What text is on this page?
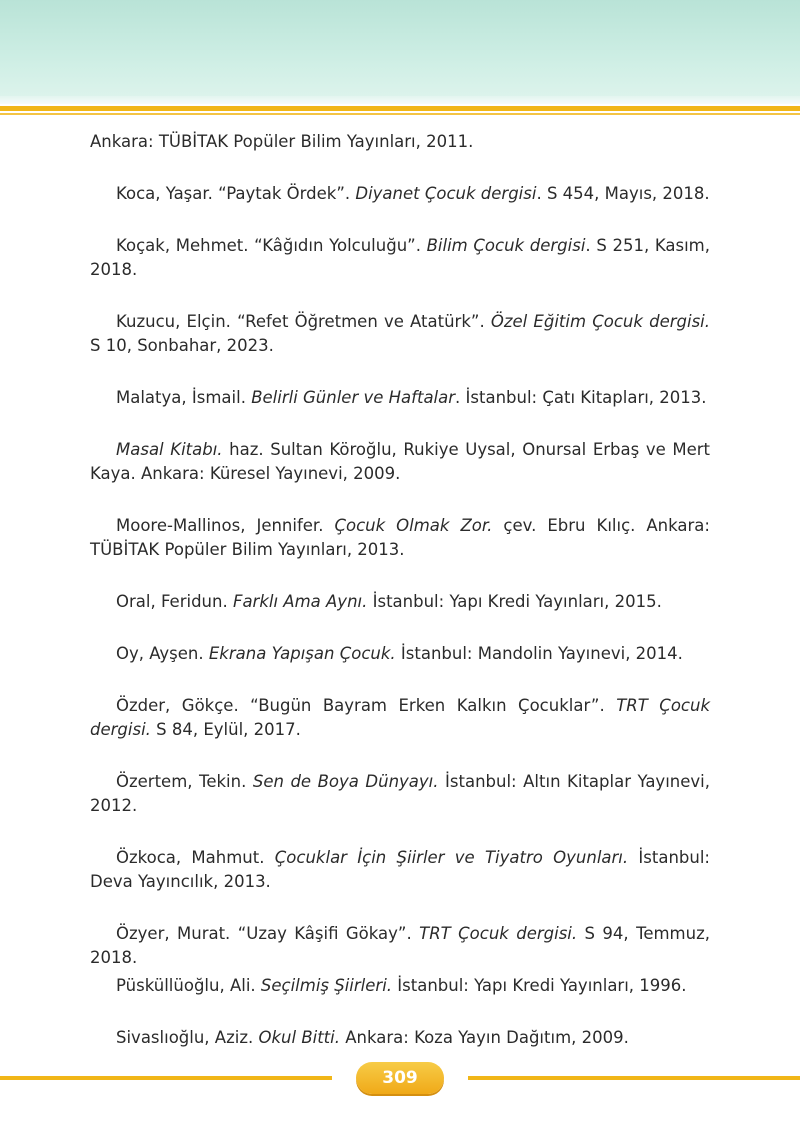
Ankara: TÜBİTAK Popüler Bilim Yayınları, 2011.

Koca, Yaşar. “Paytak Ördek”. Diyanet Çocuk dergisi. S 454, Mayıs, 2018.

Koçak, Mehmet. “Kâğıdın Yolculuğu”. Bilim Çocuk dergisi. S 251, Kasım, 2018.

Kuzucu, Elçin. “Refet Öğretmen ve Atatürk”. Özel Eğitim Çocuk dergisi. S 10, Sonbahar, 2023.

Malatya, İsmail. Belirli Günler ve Haftalar. İstanbul: Çatı Kitapları, 2013.

Masal Kitabı. haz. Sultan Köroğlu, Rukiye Uysal, Onursal Erbaş ve Mert Kaya. Ankara: Küresel Yayınevi, 2009.

Moore-Mallinos, Jennifer. Çocuk Olmak Zor. çev. Ebru Kılıç. Ankara: TÜBİTAK Popüler Bilim Yayınları, 2013.

Oral, Feridun. Farklı Ama Aynı. İstanbul: Yapı Kredi Yayınları, 2015.

Oy, Ayşen. Ekrana Yapışan Çocuk. İstanbul: Mandolin Yayınevi, 2014.

Özder, Gökçe. “Bugün Bayram Erken Kalkın Çocuklar”. TRT Çocuk dergisi. S 84, Eylül, 2017.

Özertem, Tekin. Sen de Boya Dünyayı. İstanbul: Altın Kitaplar Yayınevi, 2012.

Özkoca, Mahmut. Çocuklar İçin Şiirler ve Tiyatro Oyunları. İstanbul: Deva Yayıncılık, 2013.

Özyer, Murat. “Uzay Kâşifi Gökay”. TRT Çocuk dergisi. S 94, Temmuz, 2018.

Püsküllüoğlu, Ali. Seçilmiş Şiirleri. İstanbul: Yapı Kredi Yayınları, 1996.

Sivaslıoğlu, Aziz. Okul Bitti. Ankara: Koza Yayın Dağıtım, 2009.

309
